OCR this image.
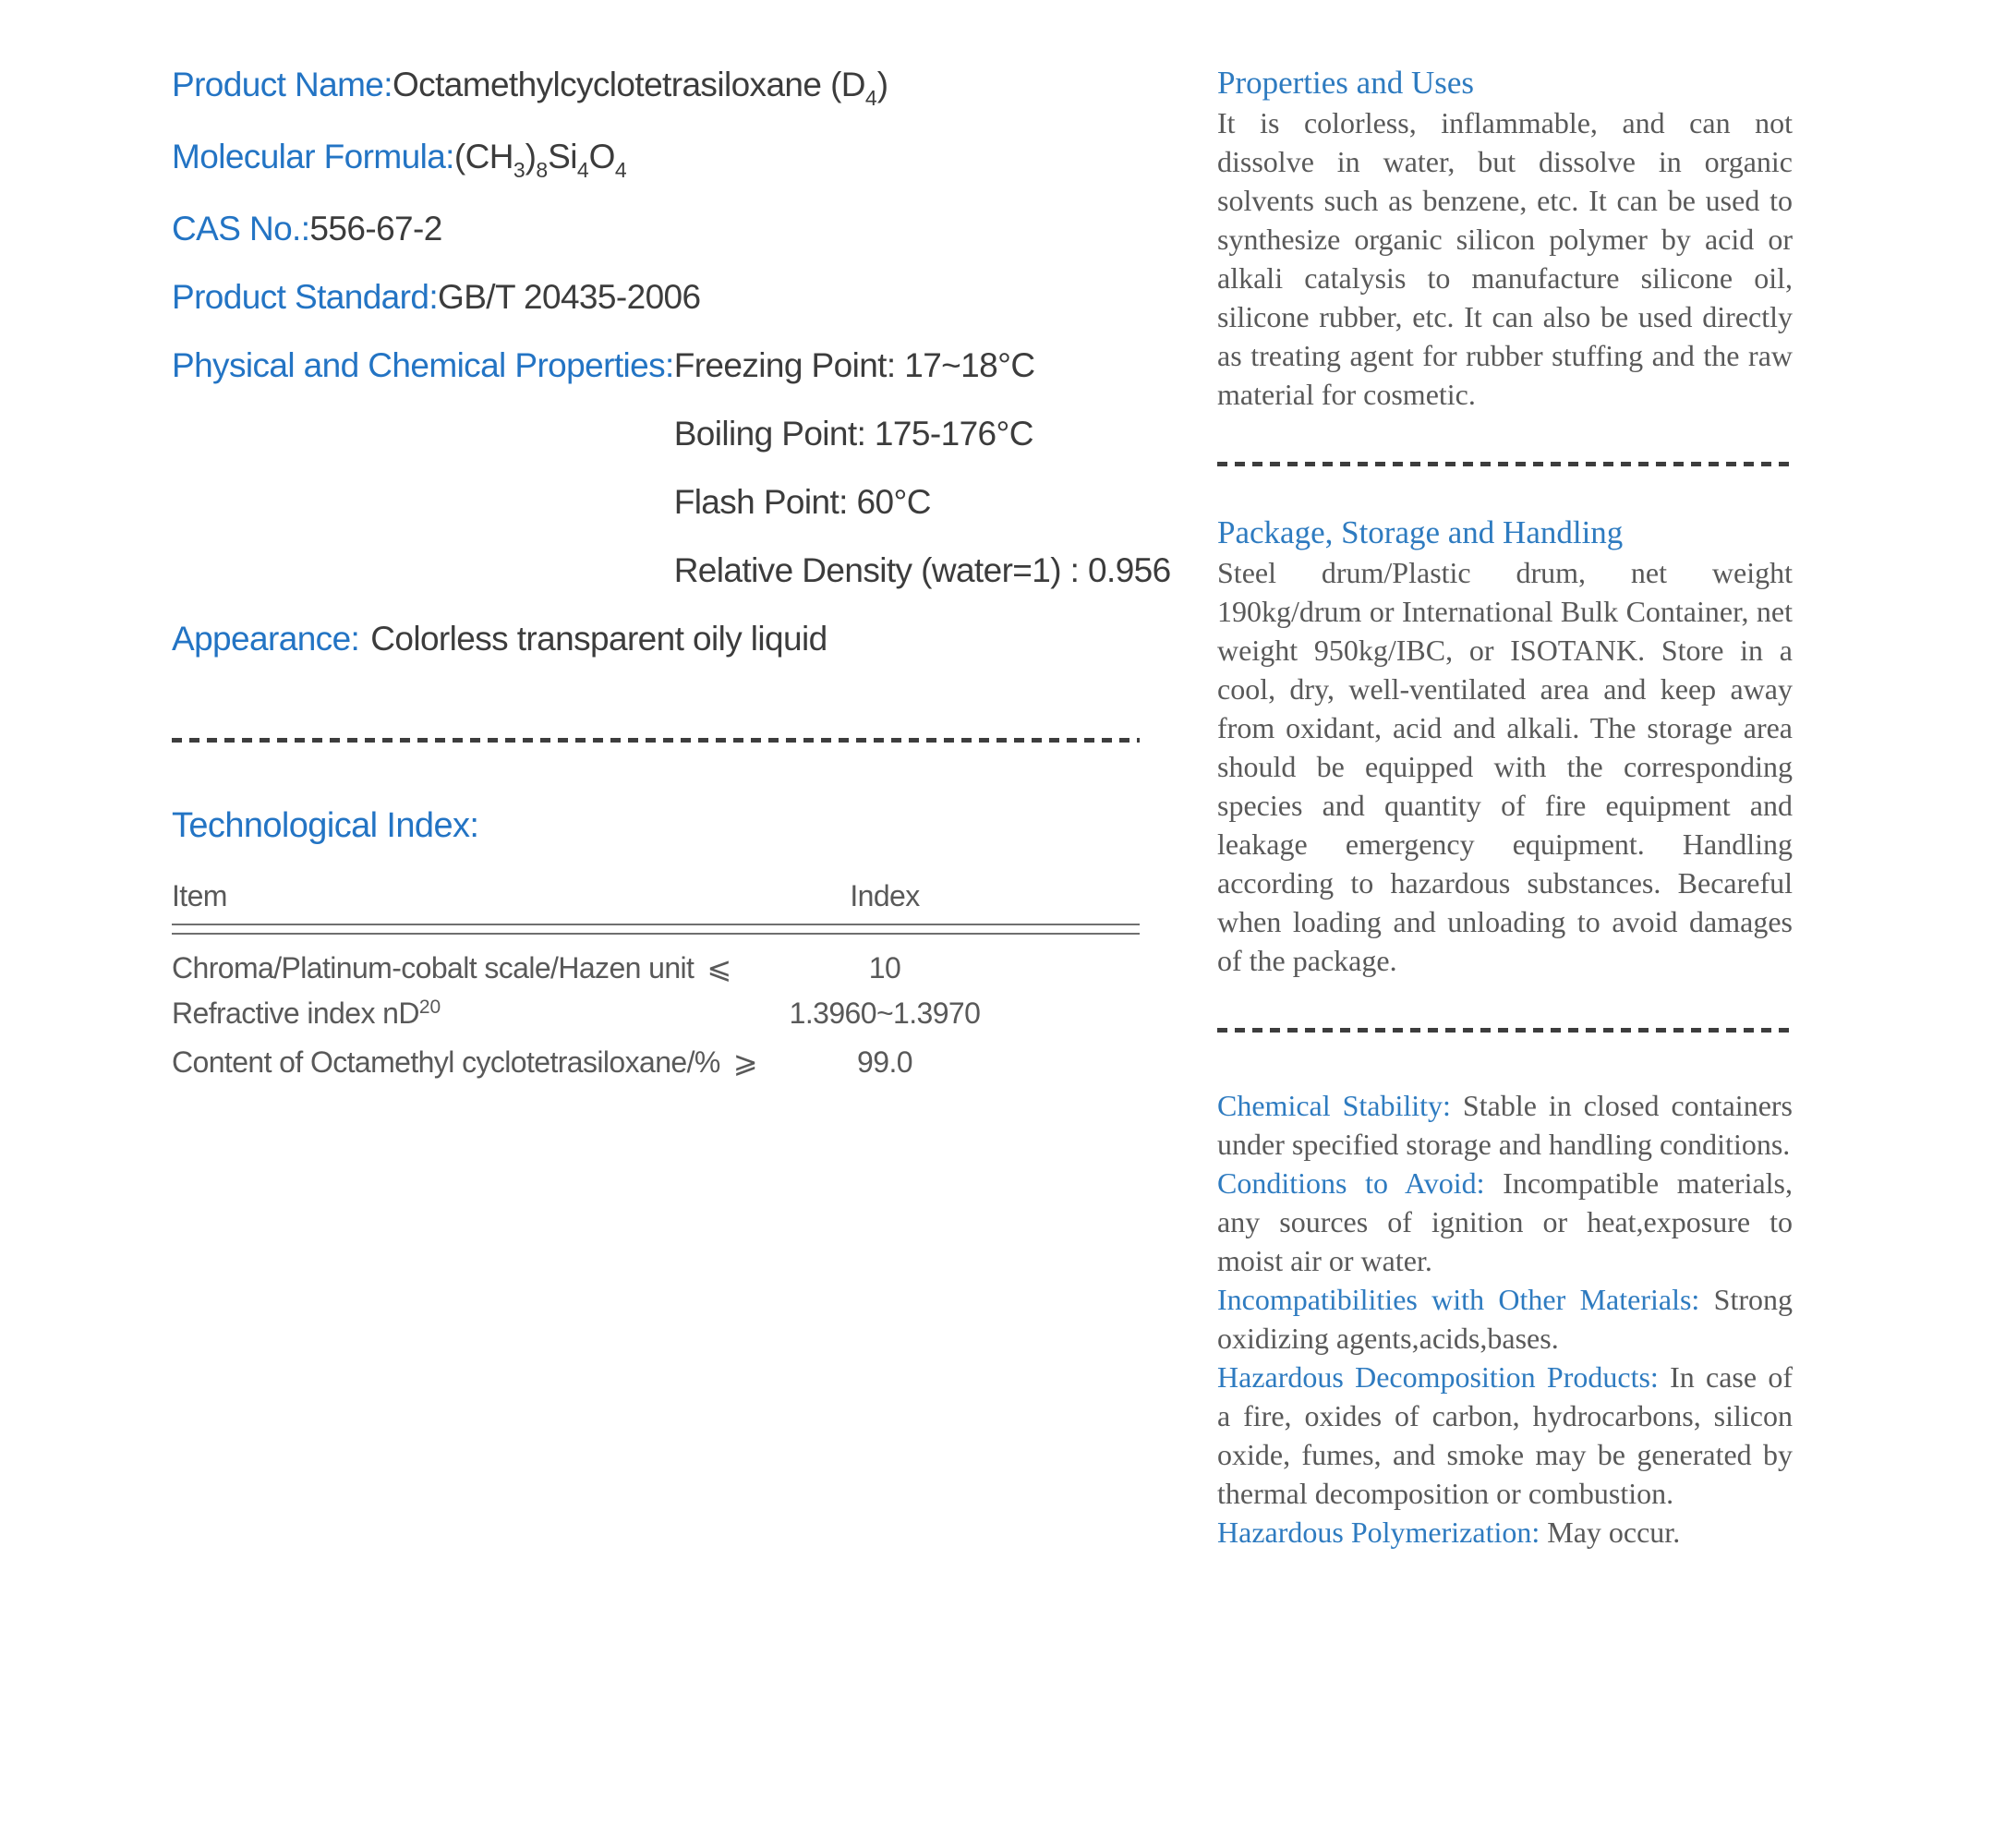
Product Name:Octamethylcyclotetrasiloxane $(D_4)$
Molecular $Formula:(CH_3)_8Si_4O_4$
CAS No.:556-67-2
Product Standard:GB/T 20435-2006
Physical and Chemical Properties: Freezing Point: 17~18°C
Boiling Point: 175-176°C
Flash Point: 60°C
Relative Density (water=1) : 0.956
Appearance: Colorless transparent oily liquid
Technological Index:
Item	Index
Chroma/Platinum-cobalt scale/Hazen unit ⩽	10
Refractive index $nD^{20}$	1.3960~1.3970
Content of Octamethyl cyclotetrasiloxane/% ⩾	99.0
Properties and Uses

It is colorless, inflammable, and can not dissolve in water, but dissolve in organic solvents such as benzene, etc. It can be used to synthesize organic silicon polymer by acid or alkali catalysis to manufacture silicone oil, silicone rubber, etc. It can also be used directly as treating agent for rubber stuffing and the raw material for cosmetic.

Package, Storage and Handling

Steel drum/Plastic drum, net weight 190kg/drum or International Bulk Container, net weight 950kg/IBC, or ISOTANK. Store in a cool, dry, well-ventilated area and keep away from oxidant, acid and alkali. The storage area should be equipped with the corresponding species and quantity of fire equipment and leakage emergency equipment. Handling according to hazardous substances. Becareful when loading and unloading to avoid damages of the package.

Chemical Stability: Stable in closed containers under specified storage and handling conditions.

Conditions to Avoid: Incompatible materials, any sources of ignition or heat,exposure to moist air or water.

Incompatibilities with Other Materials: Strong oxidizing agents,acids,bases.

Hazardous Decomposition Products: In case of a fire, oxides of carbon, hydrocarbons, silicon oxide, fumes, and smoke may be generated by thermal decomposition or combustion.

Hazardous Polymerization: May occur.
